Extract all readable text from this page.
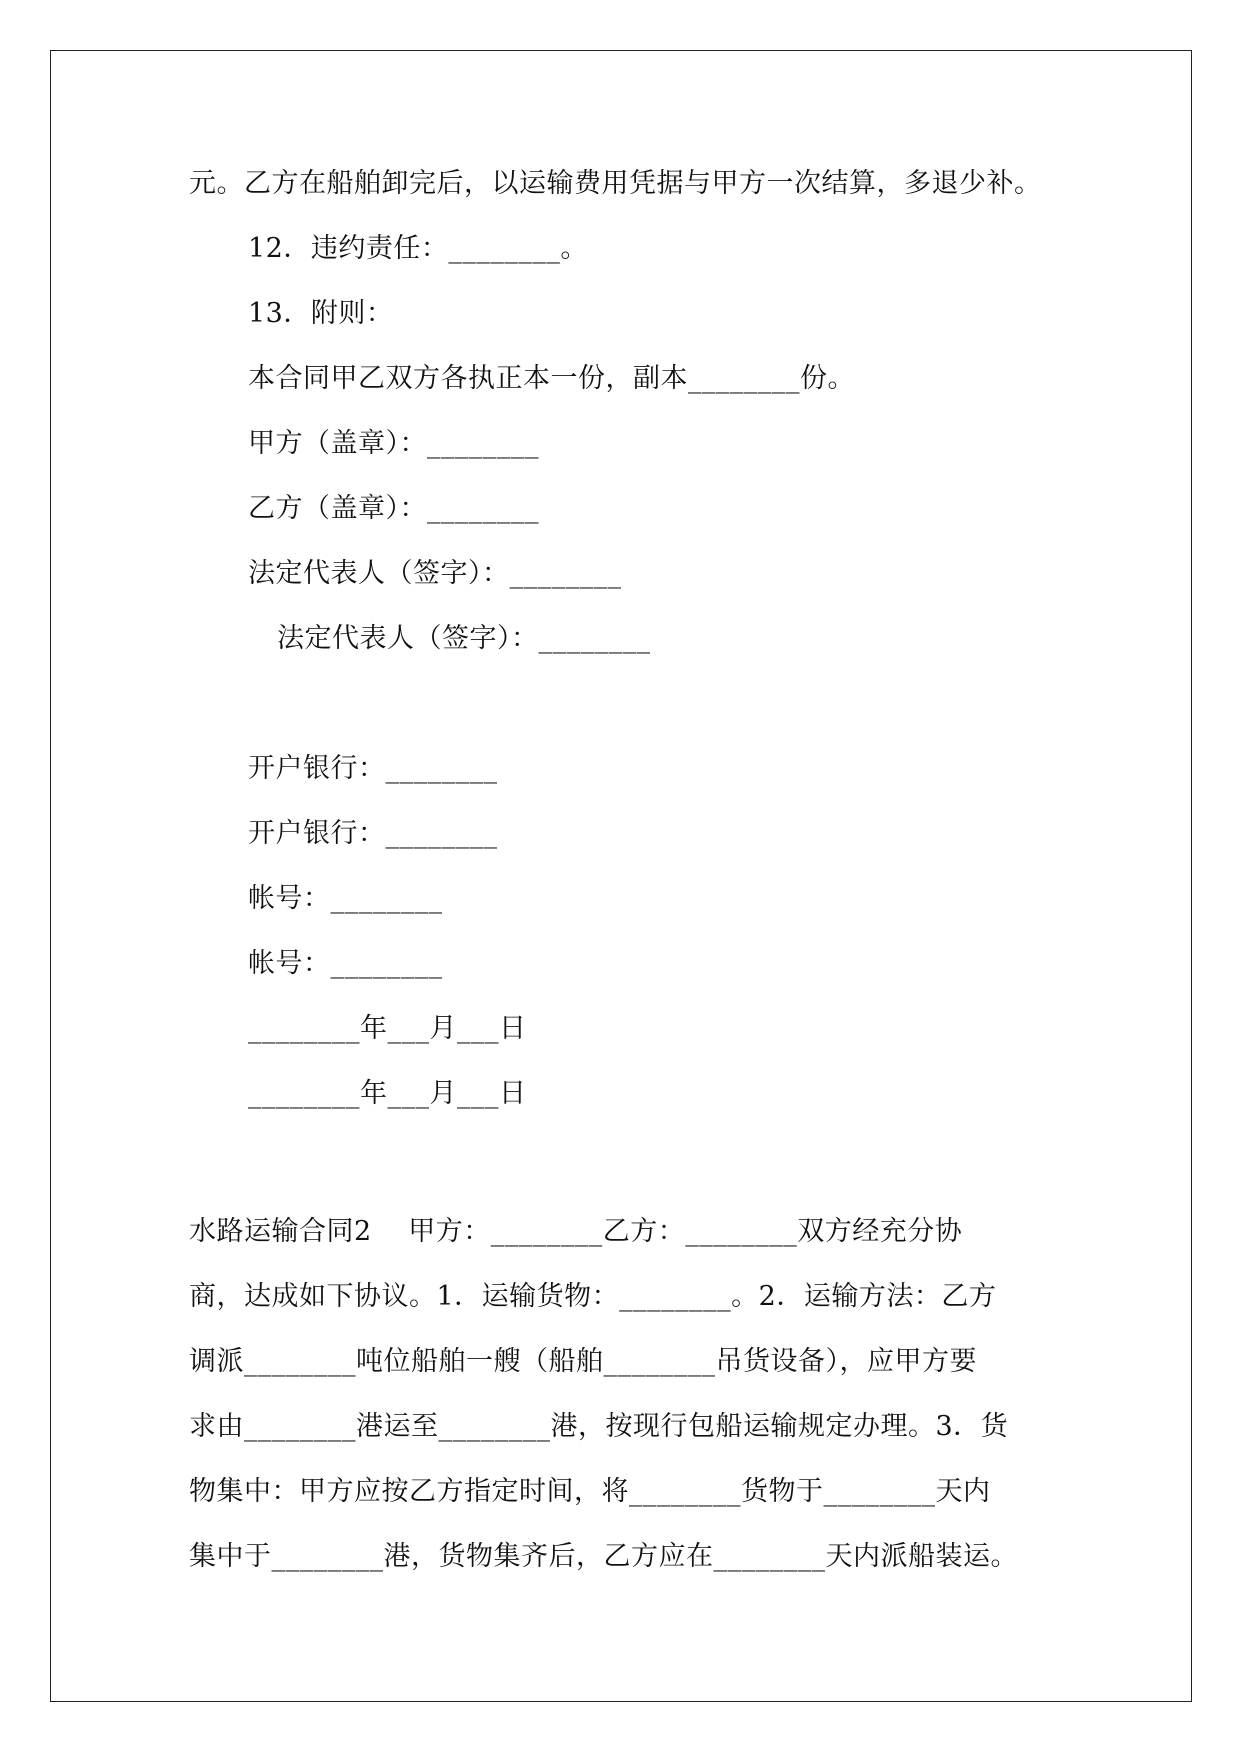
元。乙方在船舶卸完后，以运输费用凭据与甲方一次结算，多退少补。
12．违约责任：________。
13．附则：
本合同甲乙双方各执正本一份，副本________份。
甲方（盖章）：________
乙方（盖章）：________
法定代表人（签字）：________
法定代表人（签字）：________
开户银行：________
开户银行：________
帐号：________
帐号：________
________年___月___日
________年___月___日
水路运输合同2　 甲方：________乙方：________双方经充分协
商，达成如下协议。1．运输货物：________。2．运输方法：乙方
调派________吨位船舶一艘（船舶________吊货设备），应甲方要
求由________港运至________港，按现行包船运输规定办理。3．货
物集中：甲方应按乙方指定时间，将________货物于________天内
集中于________港，货物集齐后，乙方应在________天内派船装运。
